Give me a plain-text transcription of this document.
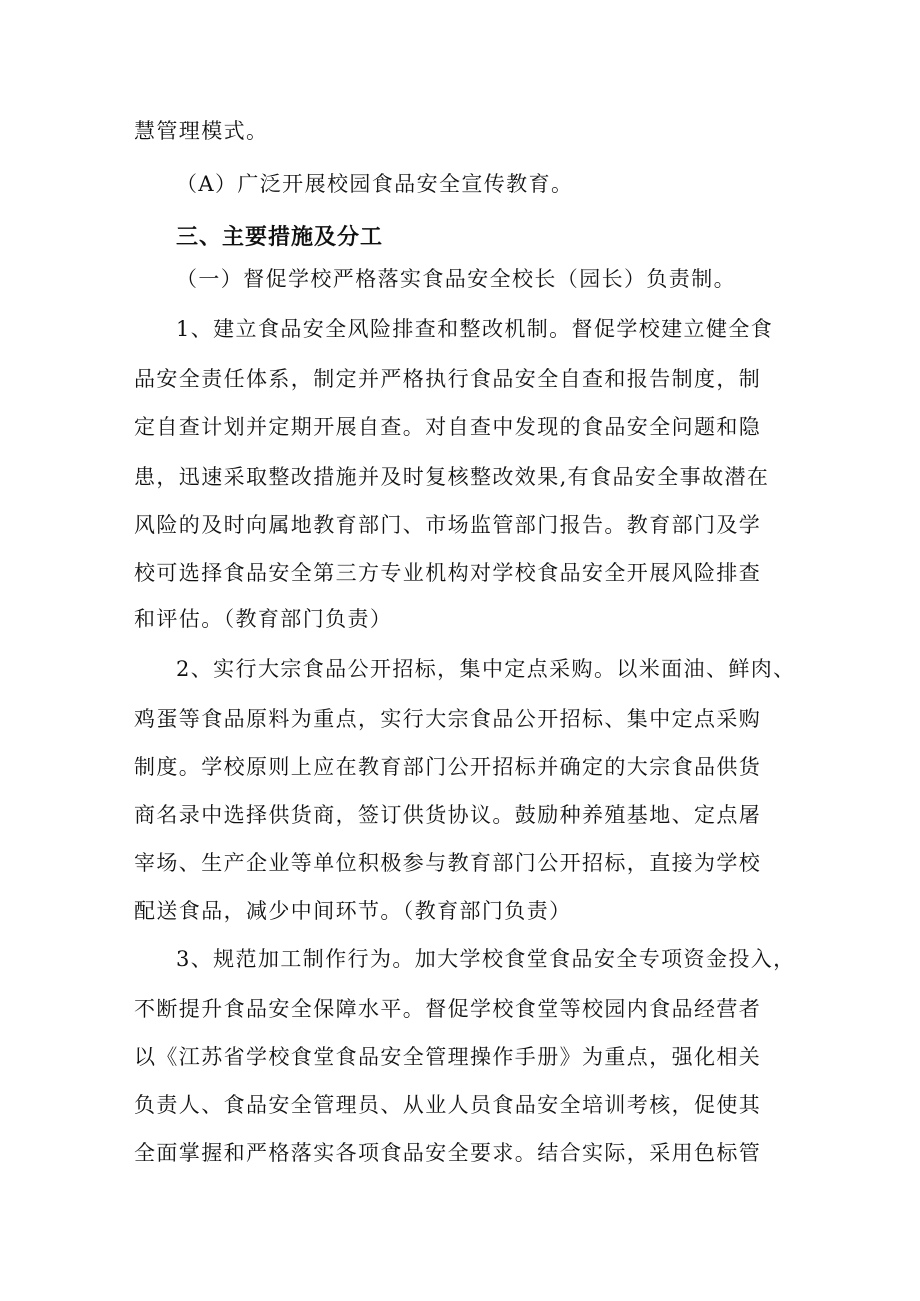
慧管理模式。
（A）广泛开展校园食品安全宣传教育。
三、主要措施及分工
（一）督促学校严格落实食品安全校长（园长）负责制。
1、建立食品安全风险排查和整改机制。督促学校建立健全食
品安全责任体系，制定并严格执行食品安全自查和报告制度，制
定自查计划并定期开展自查。对自查中发现的食品安全问题和隐
患，迅速采取整改措施并及时复核整改效果,有食品安全事故潜在
风险的及时向属地教育部门、市场监管部门报告。教育部门及学
校可选择食品安全第三方专业机构对学校食品安全开展风险排查
和评估。（教育部门负责）
2、实行大宗食品公开招标，集中定点采购。以米面油、鲜肉、
鸡蛋等食品原料为重点，实行大宗食品公开招标、集中定点采购
制度。学校原则上应在教育部门公开招标并确定的大宗食品供货
商名录中选择供货商，签订供货协议。鼓励种养殖基地、定点屠
宰场、生产企业等单位积极参与教育部门公开招标，直接为学校
配送食品，减少中间环节。（教育部门负责）
3、规范加工制作行为。加大学校食堂食品安全专项资金投入，
不断提升食品安全保障水平。督促学校食堂等校园内食品经营者
以《江苏省学校食堂食品安全管理操作手册》为重点，强化相关
负责人、食品安全管理员、从业人员食品安全培训考核，促使其
全面掌握和严格落实各项食品安全要求。结合实际，采用色标管
